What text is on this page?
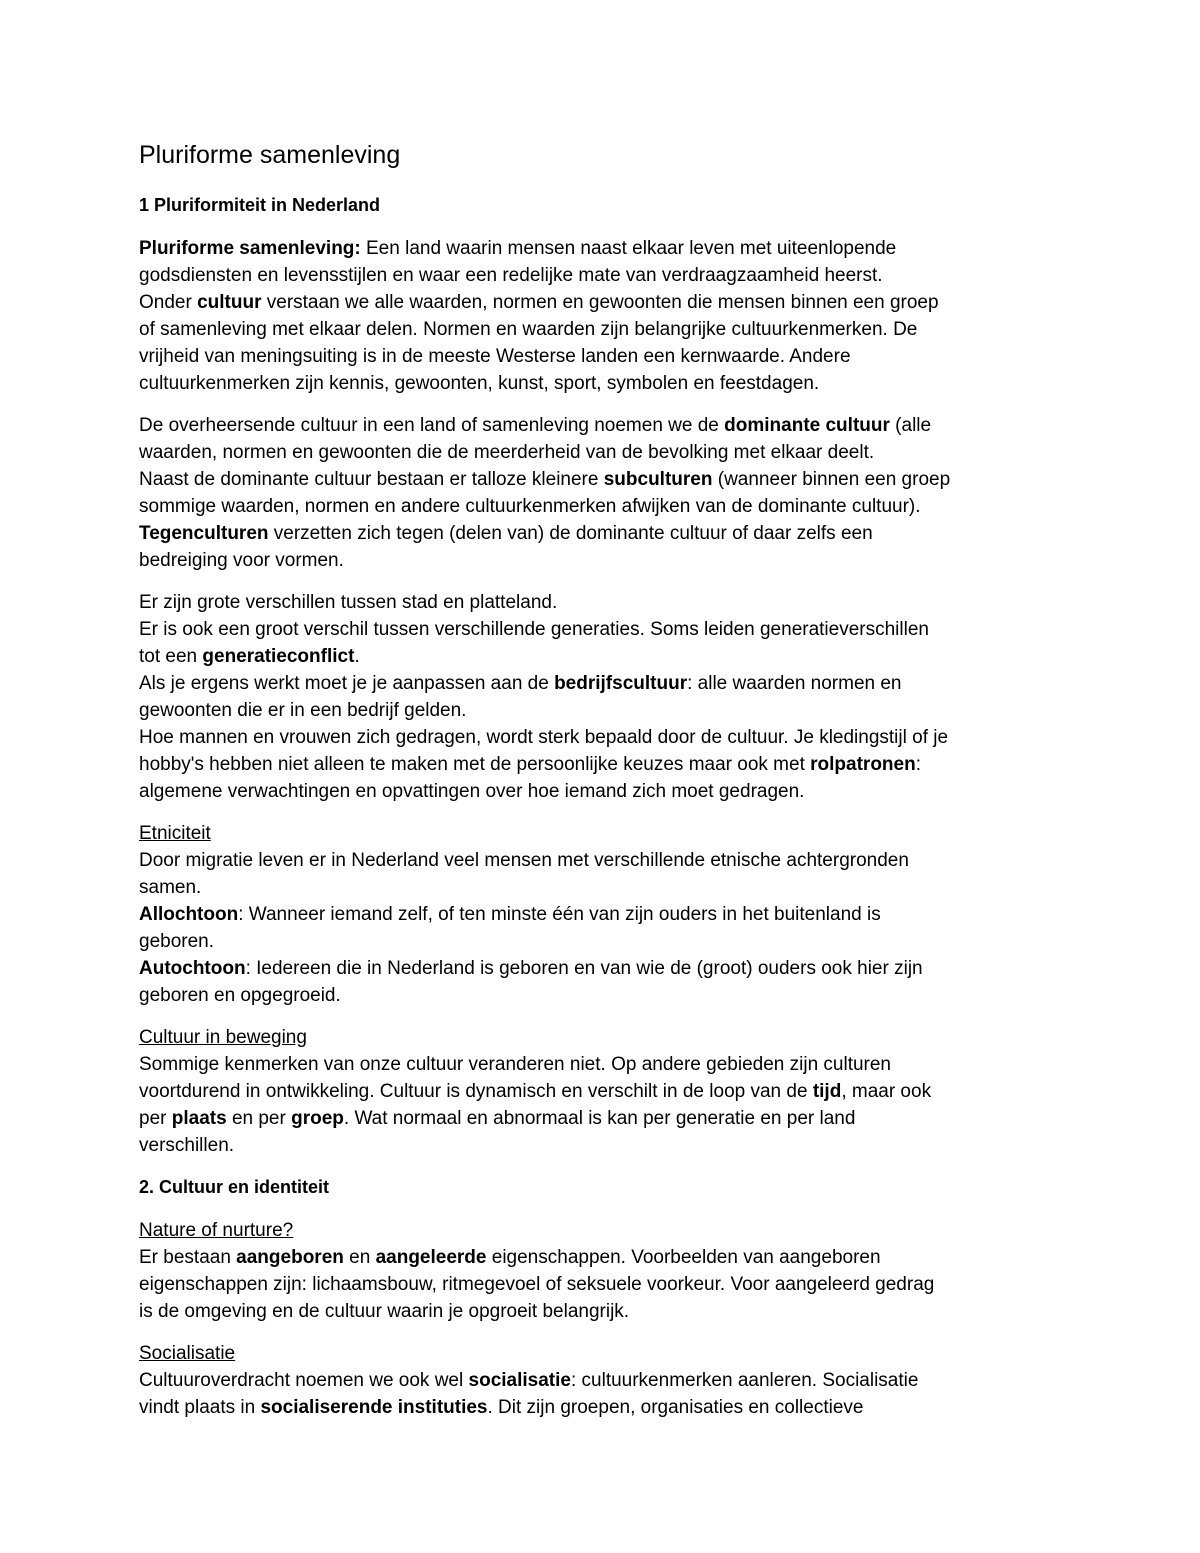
Pluriforme samenleving
1 Pluriformiteit in Nederland

Pluriforme samenleving: Een land waarin mensen naast elkaar leven met uiteenlopende
godsdiensten en levensstijlen en waar een redelijke mate van verdraagzaamheid heerst.
Onder cultuur verstaan we alle waarden, normen en gewoonten die mensen binnen een groep
of samenleving met elkaar delen. Normen en waarden zijn belangrijke cultuurkenmerken. De
vrijheid van meningsuiting is in de meeste Westerse landen een kernwaarde. Andere
cultuurkenmerken zijn kennis, gewoonten, kunst, sport, symbolen en feestdagen.

De overheersende cultuur in een land of samenleving noemen we de dominante cultuur (alle
waarden, normen en gewoonten die de meerderheid van de bevolking met elkaar deelt.
Naast de dominante cultuur bestaan er talloze kleinere subculturen (wanneer binnen een groep
sommige waarden, normen en andere cultuurkenmerken afwijken van de dominante cultuur).
Tegenculturen verzetten zich tegen (delen van) de dominante cultuur of daar zelfs een
bedreiging voor vormen.

Er zijn grote verschillen tussen stad en platteland.
Er is ook een groot verschil tussen verschillende generaties. Soms leiden generatieverschillen
tot een generatieconflict.
Als je ergens werkt moet je je aanpassen aan de bedrijfscultuur: alle waarden normen en
gewoonten die er in een bedrijf gelden.
Hoe mannen en vrouwen zich gedragen, wordt sterk bepaald door de cultuur. Je kledingstijl of je
hobby's hebben niet alleen te maken met de persoonlijke keuzes maar ook met rolpatronen:
algemene verwachtingen en opvattingen over hoe iemand zich moet gedragen.

Etniciteit
Door migratie leven er in Nederland veel mensen met verschillende etnische achtergronden
samen.
Allochtoon: Wanneer iemand zelf, of ten minste één van zijn ouders in het buitenland is
geboren.
Autochtoon: Iedereen die in Nederland is geboren en van wie de (groot) ouders ook hier zijn
geboren en opgegroeid.

Cultuur in beweging
Sommige kenmerken van onze cultuur veranderen niet. Op andere gebieden zijn culturen
voortdurend in ontwikkeling. Cultuur is dynamisch en verschilt in de loop van de tijd, maar ook
per plaats en per groep. Wat normaal en abnormaal is kan per generatie en per land
verschillen.

2. Cultuur en identiteit

Nature of nurture?
Er bestaan aangeboren en aangeleerde eigenschappen. Voorbeelden van aangeboren
eigenschappen zijn: lichaamsbouw, ritmegevoel of seksuele voorkeur. Voor aangeleerd gedrag
is de omgeving en de cultuur waarin je opgroeit belangrijk.

Socialisatie
Cultuuroverdracht noemen we ook wel socialisatie: cultuurkenmerken aanleren. Socialisatie
vindt plaats in socialiserende instituties. Dit zijn groepen, organisaties en collectieve
